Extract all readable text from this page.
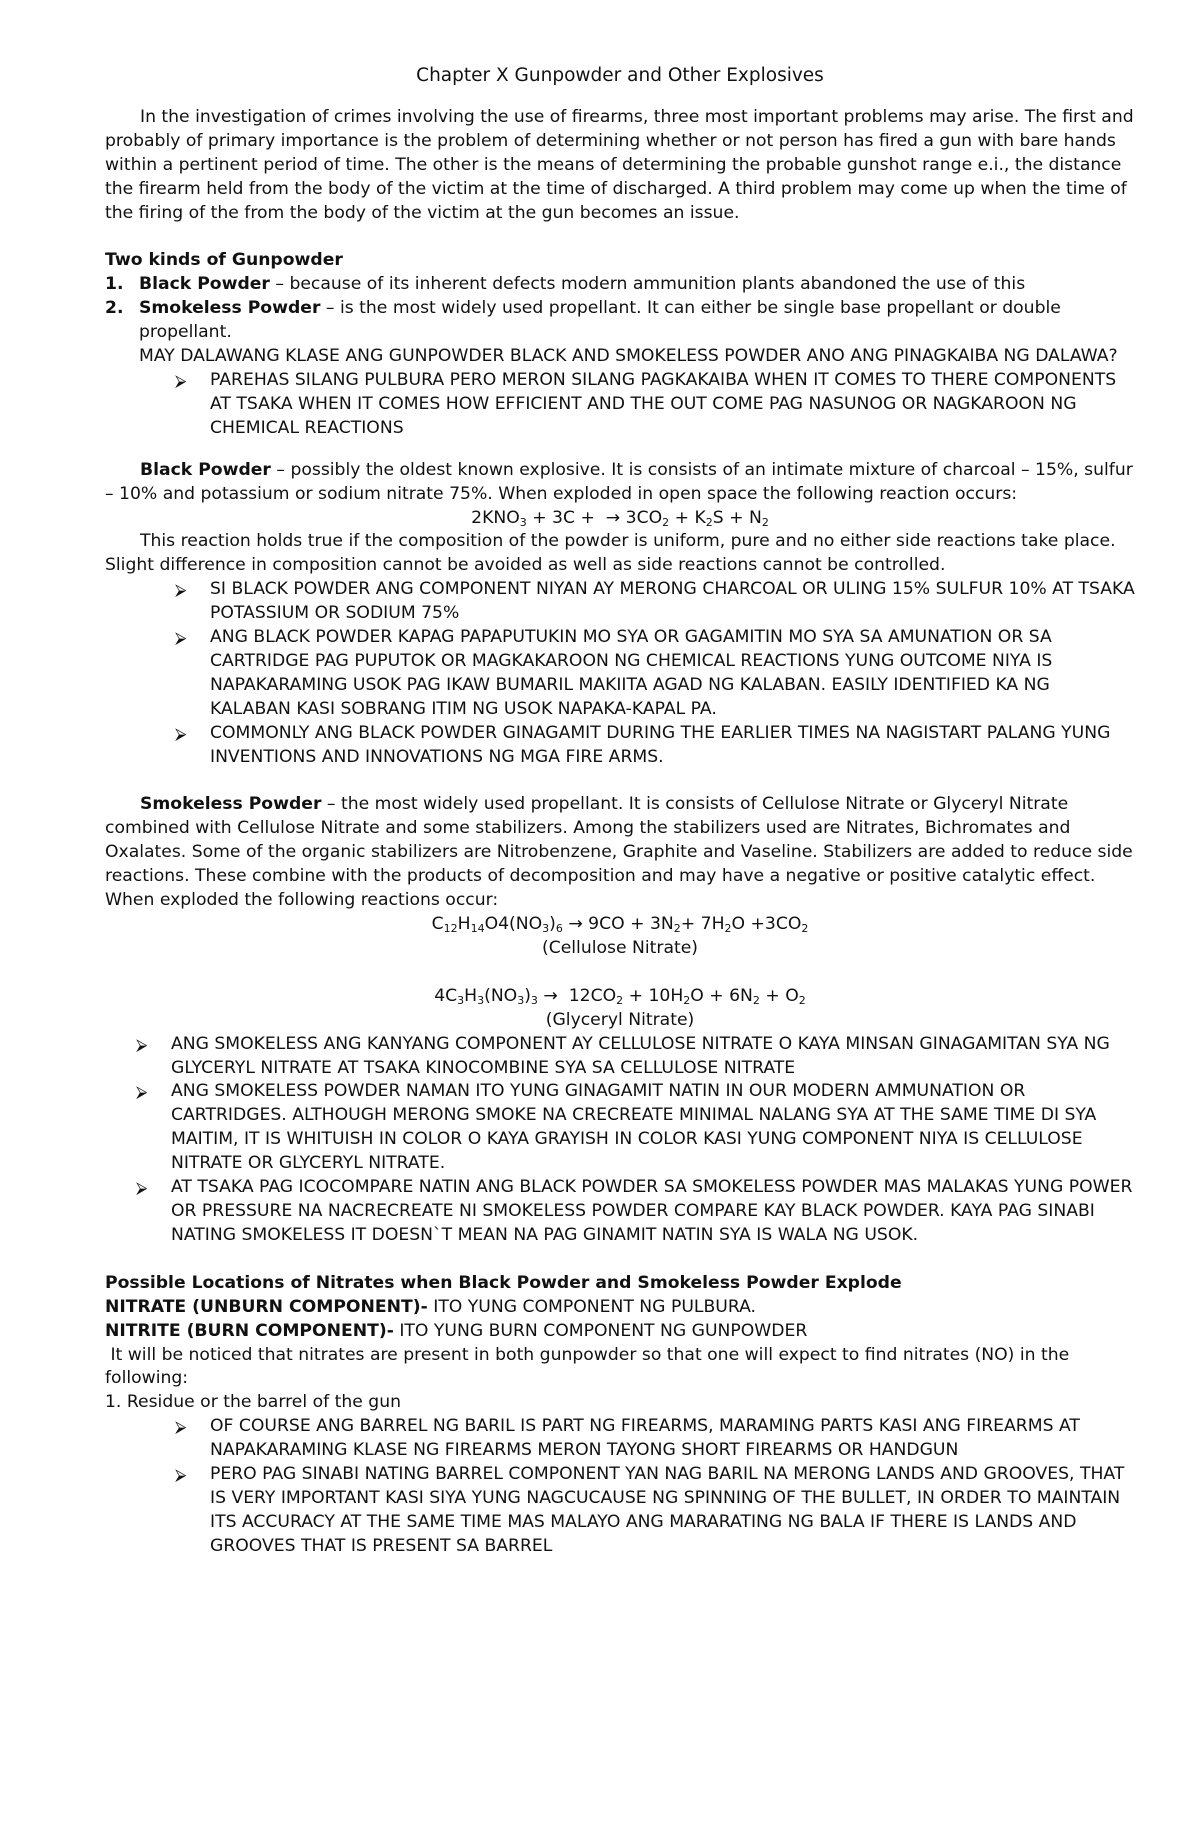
Chapter X Gunpowder and Other Explosives

In the investigation of crimes involving the use of firearms, three most important problems may arise. The first and probably of primary importance is the problem of determining whether or not person has fired a gun with bare hands within a pertinent period of time. The other is the means of determining the probable gunshot range e.i., the distance the firearm held from the body of the victim at the time of discharged. A third problem may come up when the time of the firing of the from the body of the victim at the gun becomes an issue.

Two kinds of Gunpowder

1. Black Powder – because of its inherent defects modern ammunition plants abandoned the use of this
2. Smokeless Powder – is the most widely used propellant. It can either be single base propellant or double propellant.

MAY DALAWANG KLASE ANG GUNPOWDER BLACK AND SMOKELESS POWDER ANO ANG PINAGKAIBA NG DALAWA?

⮚ PAREHAS SILANG PULBURA PERO MERON SILANG PAGKAKAIBA WHEN IT COMES TO THERE COMPONENTS AT TSAKA WHEN IT COMES HOW EFFICIENT AND THE OUT COME PAG NASUNOG OR NAGKAROON NG CHEMICAL REACTIONS

Black Powder – possibly the oldest known explosive. It is consists of an intimate mixture of charcoal – 15%, sulfur – 10% and potassium or sodium nitrate 75%. When exploded in open space the following reaction occurs:

$2KNO_3 + 3C$ +  → $3CO_2 + K_2S + N_2$

This reaction holds true if the composition of the powder is uniform, pure and no either side reactions take place. Slight difference in composition cannot be avoided as well as side reactions cannot be controlled.

⮚ SI BLACK POWDER ANG COMPONENT NIYAN AY MERONG CHARCOAL OR ULING 15% SULFUR 10% AT TSAKA POTASSIUM OR SODIUM 75%
⮚ ANG BLACK POWDER KAPAG PAPAPUTUKIN MO SYA OR GAGAMITIN MO SYA SA AMUNATION OR SA CARTRIDGE PAG PUPUTOK OR MAGKAKAROON NG CHEMICAL REACTIONS YUNG OUTCOME NIYA IS NAPAKARAMING USOK PAG IKAW BUMARIL MAKIITA AGAD NG KALABAN. EASILY IDENTIFIED KA NG KALABAN KASI SOBRANG ITIM NG USOK NAPAKA-KAPAL PA.
⮚ COMMONLY ANG BLACK POWDER GINAGAMIT DURING THE EARLIER TIMES NA NAGISTART PALANG YUNG INVENTIONS AND INNOVATIONS NG MGA FIRE ARMS.

Smokeless Powder – the most widely used propellant. It is consists of Cellulose Nitrate or Glyceryl Nitrate combined with Cellulose Nitrate and some stabilizers. Among the stabilizers used are Nitrates, Bichromates and Oxalates. Some of the organic stabilizers are Nitrobenzene, Graphite and Vaseline. Stabilizers are added to reduce side reactions. These combine with the products of decomposition and may have a negative or positive catalytic effect. When exploded the following reactions occur:

$C_{12}H_{14}O4(NO_3)_6 \to 9CO + 3N_2+ 7H_2O +3CO_2$

(Cellulose Nitrate)

$4C_3H_3(NO_3)_3 \to 12CO_2 + 10H_2O + 6N_2 + O_2$

(Glyceryl Nitrate)

⮚ ANG SMOKELESS ANG KANYANG COMPONENT AY CELLULOSE NITRATE O KAYA MINSAN GINAGAMITAN SYA NG GLYCERYL NITRATE AT TSAKA KINOCOMBINE SYA SA CELLULOSE NITRATE
⮚ ANG SMOKELESS POWDER NAMAN ITO YUNG GINAGAMIT NATIN IN OUR MODERN AMMUNATION OR CARTRIDGES. ALTHOUGH MERONG SMOKE NA CRECREATE MINIMAL NALANG SYA AT THE SAME TIME DI SYA MAITIM, IT IS WHITUISH IN COLOR O KAYA GRAYISH IN COLOR KASI YUNG COMPONENT NIYA IS CELLULOSE NITRATE OR GLYCERYL NITRATE.
⮚ AT TSAKA PAG ICOCOMPARE NATIN ANG BLACK POWDER SA SMOKELESS POWDER MAS MALAKAS YUNG POWER OR PRESSURE NA NACRECREATE NI SMOKELESS POWDER COMPARE KAY BLACK POWDER. KAYA PAG SINABI NATING SMOKELESS IT DOESN`T MEAN NA PAG GINAMIT NATIN SYA IS WALA NG USOK.

Possible Locations of Nitrates when Black Powder and Smokeless Powder Explode

NITRATE (UNBURN COMPONENT)- ITO YUNG COMPONENT NG PULBURA.

NITRITE (BURN COMPONENT)- ITO YUNG BURN COMPONENT NG GUNPOWDER

It will be noticed that nitrates are present in both gunpowder so that one will expect to find nitrates (NO) in the following:

1. Residue or the barrel of the gun

⮚ OF COURSE ANG BARREL NG BARIL IS PART NG FIREARMS, MARAMING PARTS KASI ANG FIREARMS AT NAPAKARAMING KLASE NG FIREARMS MERON TAYONG SHORT FIREARMS OR HANDGUN
⮚ PERO PAG SINABI NATING BARREL COMPONENT YAN NAG BARIL NA MERONG LANDS AND GROOVES, THAT IS VERY IMPORTANT KASI SIYA YUNG NAGCUCAUSE NG SPINNING OF THE BULLET, IN ORDER TO MAINTAIN ITS ACCURACY AT THE SAME TIME MAS MALAYO ANG MARARATING NG BALA IF THERE IS LANDS AND GROOVES THAT IS PRESENT SA BARREL
